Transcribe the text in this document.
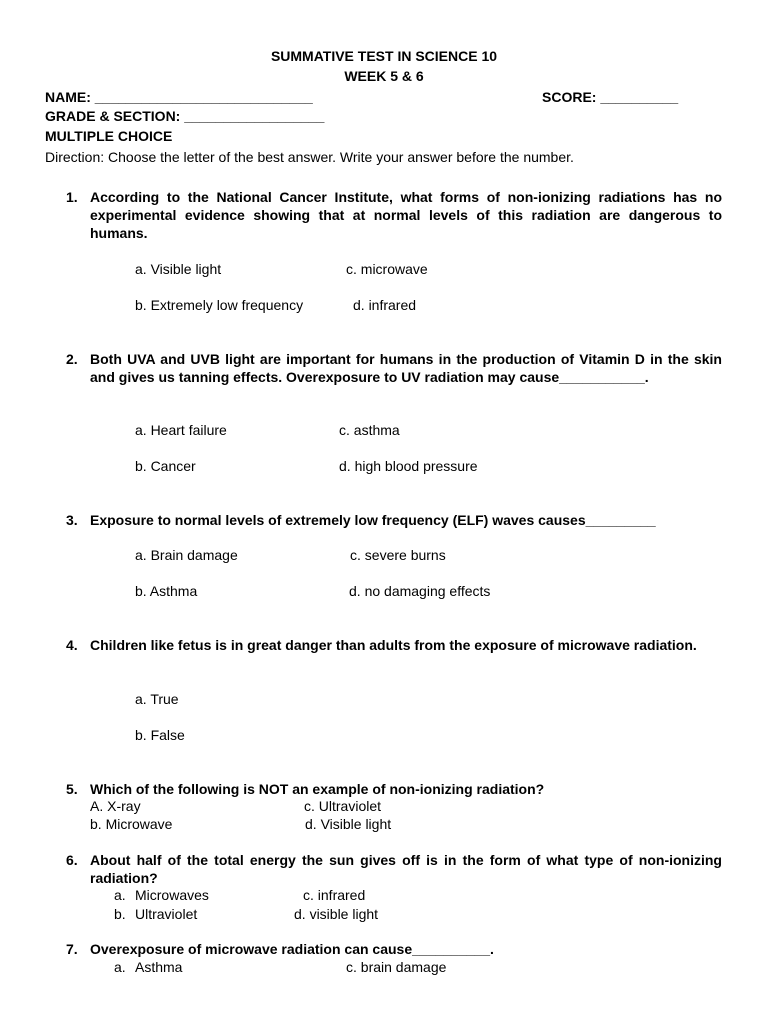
SUMMATIVE TEST IN SCIENCE 10
WEEK 5 & 6
NAME: ____________________________	SCORE: __________
GRADE & SECTION: __________________
MULTIPLE CHOICE
Direction: Choose the letter of the best answer. Write your answer before the number.
1. According to the National Cancer Institute, what forms of non-ionizing radiations has no experimental evidence showing that at normal levels of this radiation are dangerous to humans.
a. Visible light	c. microwave
b. Extremely low frequency	d. infrared
2. Both UVA and UVB light are important for humans in the production of Vitamin D in the skin and gives us tanning effects. Overexposure to UV radiation may cause___________.
a. Heart failure	c. asthma
b. Cancer	d. high blood pressure
3. Exposure to normal levels of extremely low frequency (ELF) waves causes_________
a. Brain damage	c. severe burns
b. Asthma	d. no damaging effects
4. Children like fetus is in great danger than adults from the exposure of microwave radiation.
a. True
b. False
5. Which of the following is NOT an example of non-ionizing radiation?
A. X-ray	c. Ultraviolet
b. Microwave	d. Visible light
6. About half of the total energy the sun gives off is in the form of what type of non-ionizing radiation?
a. Microwaves	c. infrared
b. Ultraviolet	d. visible light
7. Overexposure of microwave radiation can cause__________.
a. Asthma	c. brain damage
